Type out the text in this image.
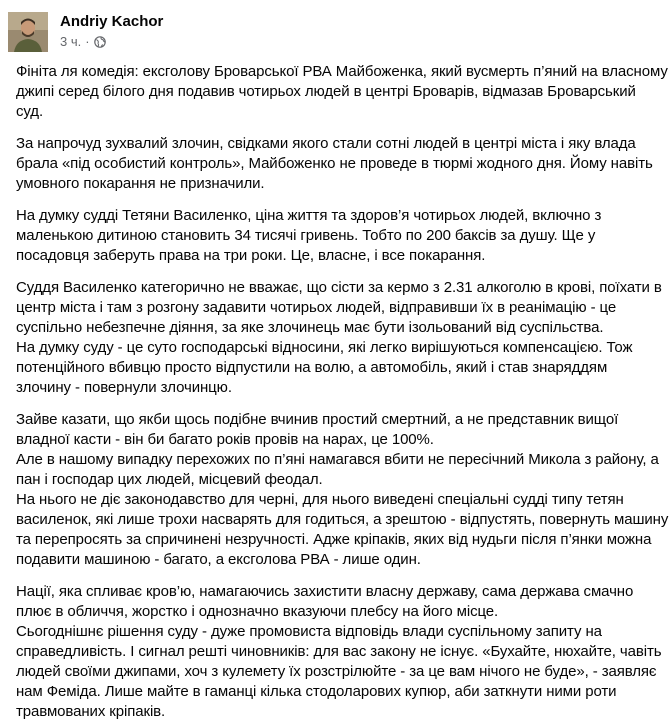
Andriy Kachor
3 ч. ·
Фініта ля комедія: ексголову Броварської РВА Майбоженка, який вусмерть п’яний на власному
джипі серед білого дня подавив чотирьох людей в центрі Броварів, відмазав Броварський
суд.
За напрочуд зухвалий злочин, свідками якого стали сотні людей в центрі міста і яку влада
брала «під особистий контроль», Майбоженко не проведе в тюрмі жодного дня. Йому навіть
умовного покарання не призначили.
На думку судді Тетяни Василенко, ціна життя та здоров’я чотирьох людей, включно з
маленькою дитиною становить 34 тисячі гривень. Тобто по 200 баксів за душу. Ще у
посадовця заберуть права на три роки. Це, власне, і все покарання.
Суддя Василенко категорично не вважає, що сісти за кермо з 2.31 алкоголю в крові, поїхати в
центр міста і там з розгону задавити чотирьох людей, відправивши їх в реанімацію - це
суспільно небезпечне діяння, за яке злочинець має бути ізольований від суспільства.
На думку суду - це суто господарські відносини, які легко вирішуються компенсацією. Тож
потенційного вбивцю просто відпустили на волю, а автомобіль, який і став знаряддям
злочину - повернули злочинцю.
Зайве казати, що якби щось подібне вчинив простий смертний, а не представник вищої
владної касти - він би багато років провів на нарах, це 100%.
Але в нашому випадку перехожих по п’яні намагався вбити не пересічний Микола з району, а
пан і господар цих людей, місцевий феодал.
На нього не діє законодавство для черні, для нього виведені спеціальні судді типу тетян
василенок, які лише трохи насварять для годиться, а зрештою - відпустять, повернуть машину
та перепросять за спричинені незручності. Адже кріпаків, яких від нудьги після п’янки можна
подавити машиною - багато, а ексголова РВА - лише один.
Нації, яка спливає кров’ю, намагаючись захистити власну державу, сама держава смачно
плює в обличчя, жорстко і однозначно вказуючи плебсу на його місце.
Сьогоднішнє рішення суду - дуже промовиста відповідь влади суспільному запиту на
справедливість. І сигнал решті чиновників: для вас закону не існує. «Бухайте, нюхайте, чавіть
людей своїми джипами, хоч з кулемету їх розстрілюйте - за це вам нічого не буде», - заявляє
нам Феміда. Лише майте в гаманці кілька стодоларових купюр, аби заткнути ними роти
травмованих кріпаків.
